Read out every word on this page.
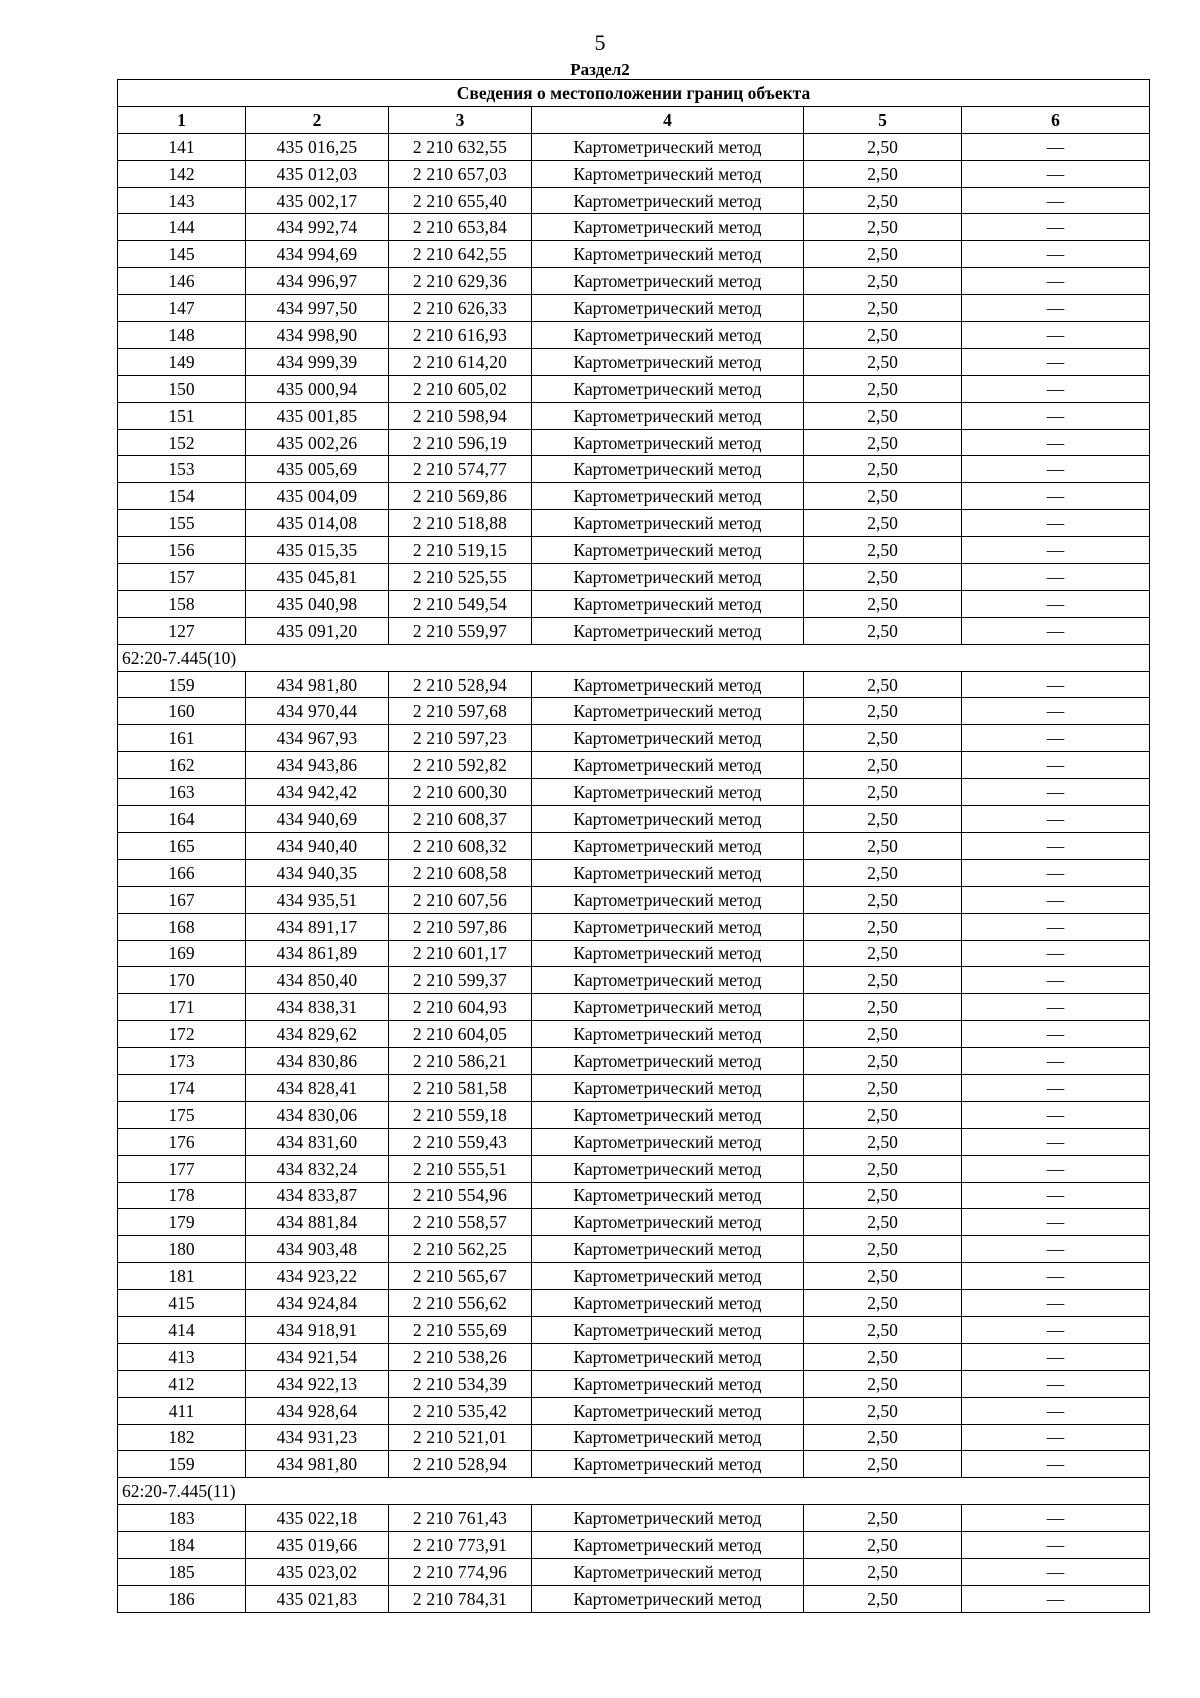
5
Раздел2
Сведения о местоположении границ объекта					
1	2	3	4	5	6
141	435 016,25	2 210 632,55	Картометрический метод	2,50	—
142	435 012,03	2 210 657,03	Картометрический метод	2,50	—
143	435 002,17	2 210 655,40	Картометрический метод	2,50	—
144	434 992,74	2 210 653,84	Картометрический метод	2,50	—
145	434 994,69	2 210 642,55	Картометрический метод	2,50	—
146	434 996,97	2 210 629,36	Картометрический метод	2,50	—
147	434 997,50	2 210 626,33	Картометрический метод	2,50	—
148	434 998,90	2 210 616,93	Картометрический метод	2,50	—
149	434 999,39	2 210 614,20	Картометрический метод	2,50	—
150	435 000,94	2 210 605,02	Картометрический метод	2,50	—
151	435 001,85	2 210 598,94	Картометрический метод	2,50	—
152	435 002,26	2 210 596,19	Картометрический метод	2,50	—
153	435 005,69	2 210 574,77	Картометрический метод	2,50	—
154	435 004,09	2 210 569,86	Картометрический метод	2,50	—
155	435 014,08	2 210 518,88	Картометрический метод	2,50	—
156	435 015,35	2 210 519,15	Картометрический метод	2,50	—
157	435 045,81	2 210 525,55	Картометрический метод	2,50	—
158	435 040,98	2 210 549,54	Картометрический метод	2,50	—
127	435 091,20	2 210 559,97	Картометрический метод	2,50	—
62:20-7.445(10)					
159	434 981,80	2 210 528,94	Картометрический метод	2,50	—
160	434 970,44	2 210 597,68	Картометрический метод	2,50	—
161	434 967,93	2 210 597,23	Картометрический метод	2,50	—
162	434 943,86	2 210 592,82	Картометрический метод	2,50	—
163	434 942,42	2 210 600,30	Картометрический метод	2,50	—
164	434 940,69	2 210 608,37	Картометрический метод	2,50	—
165	434 940,40	2 210 608,32	Картометрический метод	2,50	—
166	434 940,35	2 210 608,58	Картометрический метод	2,50	—
167	434 935,51	2 210 607,56	Картометрический метод	2,50	—
168	434 891,17	2 210 597,86	Картометрический метод	2,50	—
169	434 861,89	2 210 601,17	Картометрический метод	2,50	—
170	434 850,40	2 210 599,37	Картометрический метод	2,50	—
171	434 838,31	2 210 604,93	Картометрический метод	2,50	—
172	434 829,62	2 210 604,05	Картометрический метод	2,50	—
173	434 830,86	2 210 586,21	Картометрический метод	2,50	—
174	434 828,41	2 210 581,58	Картометрический метод	2,50	—
175	434 830,06	2 210 559,18	Картометрический метод	2,50	—
176	434 831,60	2 210 559,43	Картометрический метод	2,50	—
177	434 832,24	2 210 555,51	Картометрический метод	2,50	—
178	434 833,87	2 210 554,96	Картометрический метод	2,50	—
179	434 881,84	2 210 558,57	Картометрический метод	2,50	—
180	434 903,48	2 210 562,25	Картометрический метод	2,50	—
181	434 923,22	2 210 565,67	Картометрический метод	2,50	—
415	434 924,84	2 210 556,62	Картометрический метод	2,50	—
414	434 918,91	2 210 555,69	Картометрический метод	2,50	—
413	434 921,54	2 210 538,26	Картометрический метод	2,50	—
412	434 922,13	2 210 534,39	Картометрический метод	2,50	—
411	434 928,64	2 210 535,42	Картометрический метод	2,50	—
182	434 931,23	2 210 521,01	Картометрический метод	2,50	—
159	434 981,80	2 210 528,94	Картометрический метод	2,50	—
62:20-7.445(11)					
183	435 022,18	2 210 761,43	Картометрический метод	2,50	—
184	435 019,66	2 210 773,91	Картометрический метод	2,50	—
185	435 023,02	2 210 774,96	Картометрический метод	2,50	—
186	435 021,83	2 210 784,31	Картометрический метод	2,50	—
